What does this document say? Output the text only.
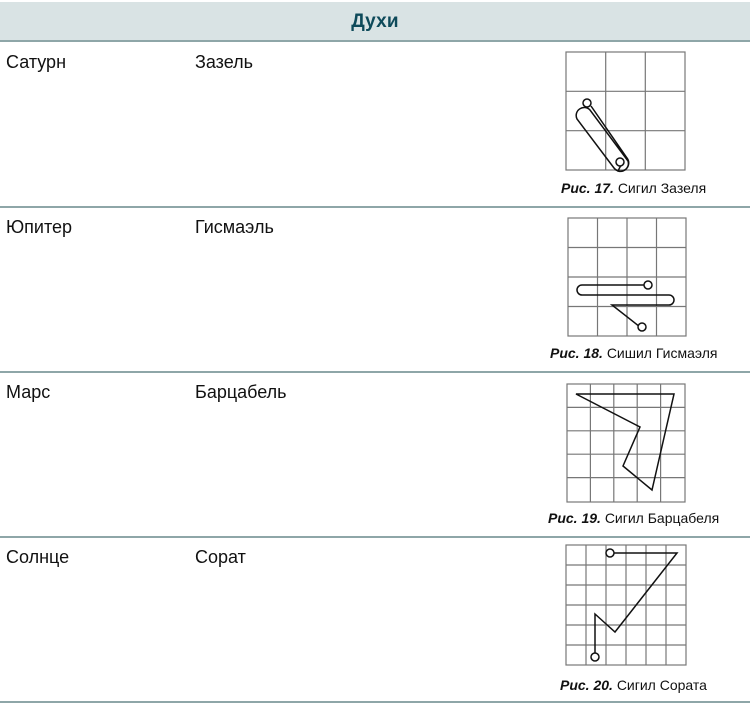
Духи
Сатурн	Зазель
Рис. 17. Сигил Зазеля
Юпитер	Гисмаэль
Рис. 18. Сишил Гисмаэля
Марс	Барцабель
Рис. 19. Сигил Барцабеля
Солнце	Сорат
Рис. 20. Сигил Сората
